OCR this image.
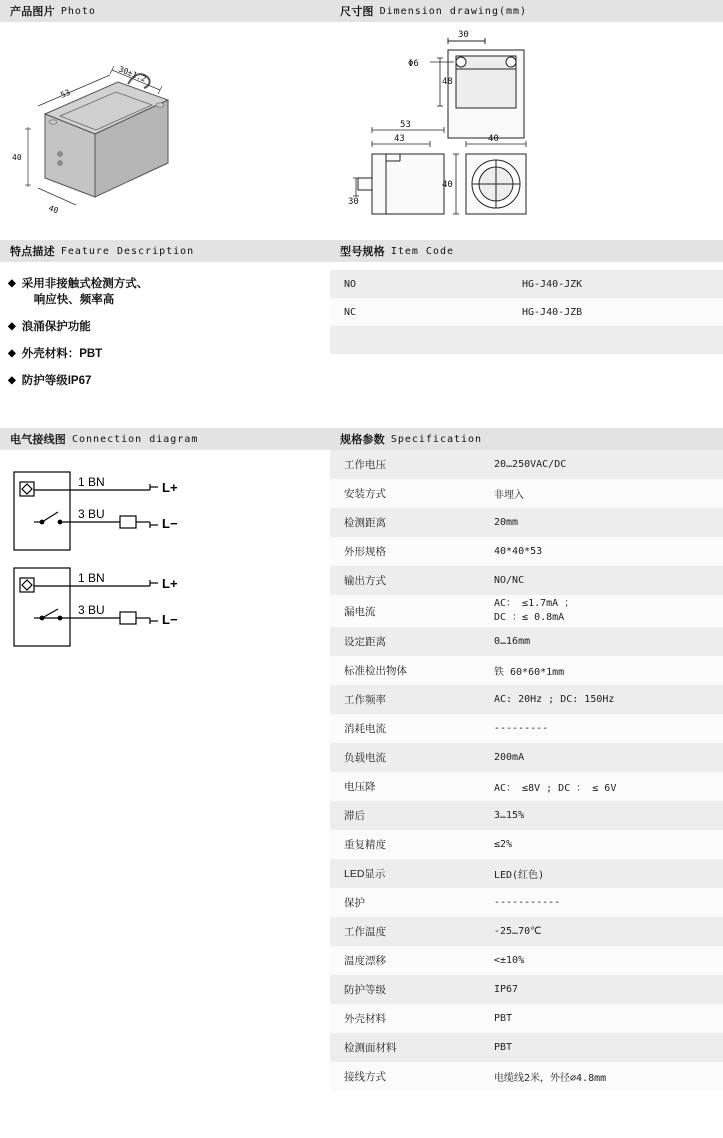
产品图片 Photo
30±1.2
53
40
40
尺寸图 Dimension drawing(mm)
30
Φ6
48
53
43
30
40
40
特点描述 Feature Description
◆ 采用非接触式检测方式、
响应快、频率高
◆ 浪涌保护功能
◆ 外壳材料：PBT
◆ 防护等级IP67
型号规格 Item Code
NO	HG-J40-JZK
NC	HG-J40-JZB

电气接线图 Connection diagram
1 BN
3 BU
L+
L−
1 BN
3 BU
L+
L−
规格参数 Specification
工作电压	20…250VAC/DC
安装方式	非埋入
检测距离	20mm
外形规格	40*40*53
输出方式	NO/NC
漏电流	AC： ≤1.7mA ；
DC ：≤ 0.8mA

设定距离	0…16mm
标准检出物体	铁 60*60*1mm
工作频率	AC: 20Hz ; DC: 150Hz
消耗电流	---------
负载电流	200mA
电压降	AC： ≤8V ; DC ： ≤ 6V
滞后	3…15%
重复精度	≤2%
LED显示	LED(红色)
保护	-----------
工作温度	-25…70℃
温度漂移	<±10%
防护等级	IP67
外壳材料	PBT
检测面材料	PBT
接线方式	电缆线2米，外径∅4.8mm
